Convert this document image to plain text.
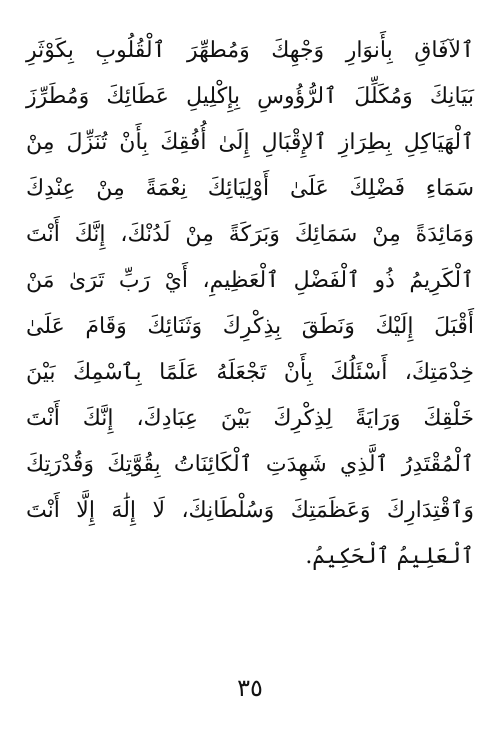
ٱلآفَاقِ بِأَنوَارِ وَجْهِكَ وَمُطهِّرَ ٱلْقُلُوبِ بِكَوْثَرِ
بَيَانِكَ وَمُكَلِّلَ ٱلرُّؤُوسِ بِإِكْلِيلِ عَطَائِكَ وَمُطَرِّزَ
ٱلْهَيَاكِلِ بِطِرَازِ ٱلإِقْبَالِ إِلَىٰ أُفُقِكَ بِأَنْ تُنَزِّلَ مِنْ
سَمَاءِ فَضْلِكَ عَلَىٰ أَوْلِيَائِكَ نِعْمَةً مِنْ عِنْدِكَ
وَمَائِدَةً مِنْ سَمَائِكَ وَبَرَكَةً مِنْ لَدُنْكَ، إِنَّكَ أَنْتَ
ٱلْكَرِيمُ ذُو ٱلْفَضْلِ ٱلْعَظِيمِ، أَيْ رَبِّ تَرَىٰ مَنْ
أَقْبَلَ إِلَيْكَ وَنَطَقَ بِذِكْرِكَ وَثَنَائِكَ وَقَامَ عَلَىٰ
خِدْمَتِكَ، أَسْئَلُكَ بِأَنْ تَجْعَلَهُ عَلَمًا بِٱسْمِكَ بَيْنَ
خَلْقِكَ وَرَايَةً لِذِكْرِكَ بَيْنَ عِبَادِكَ، إِنَّكَ أَنْتَ
ٱلْمُقْتَدِرُ ٱلَّذِي شَهِدَتِ ٱلْكَائِنَاتُ بِقُوَّتِكَ وَقُدْرَتِكَ
وَٱقْتِدَارِكَ وَعَظَمَتِكَ وَسُلْطَانِكَ، لَا إِلَٰهَ إِلَّا أَنْتَ
ٱلْعَلِيمُ ٱلْحَكِيمُ.
٣٥
